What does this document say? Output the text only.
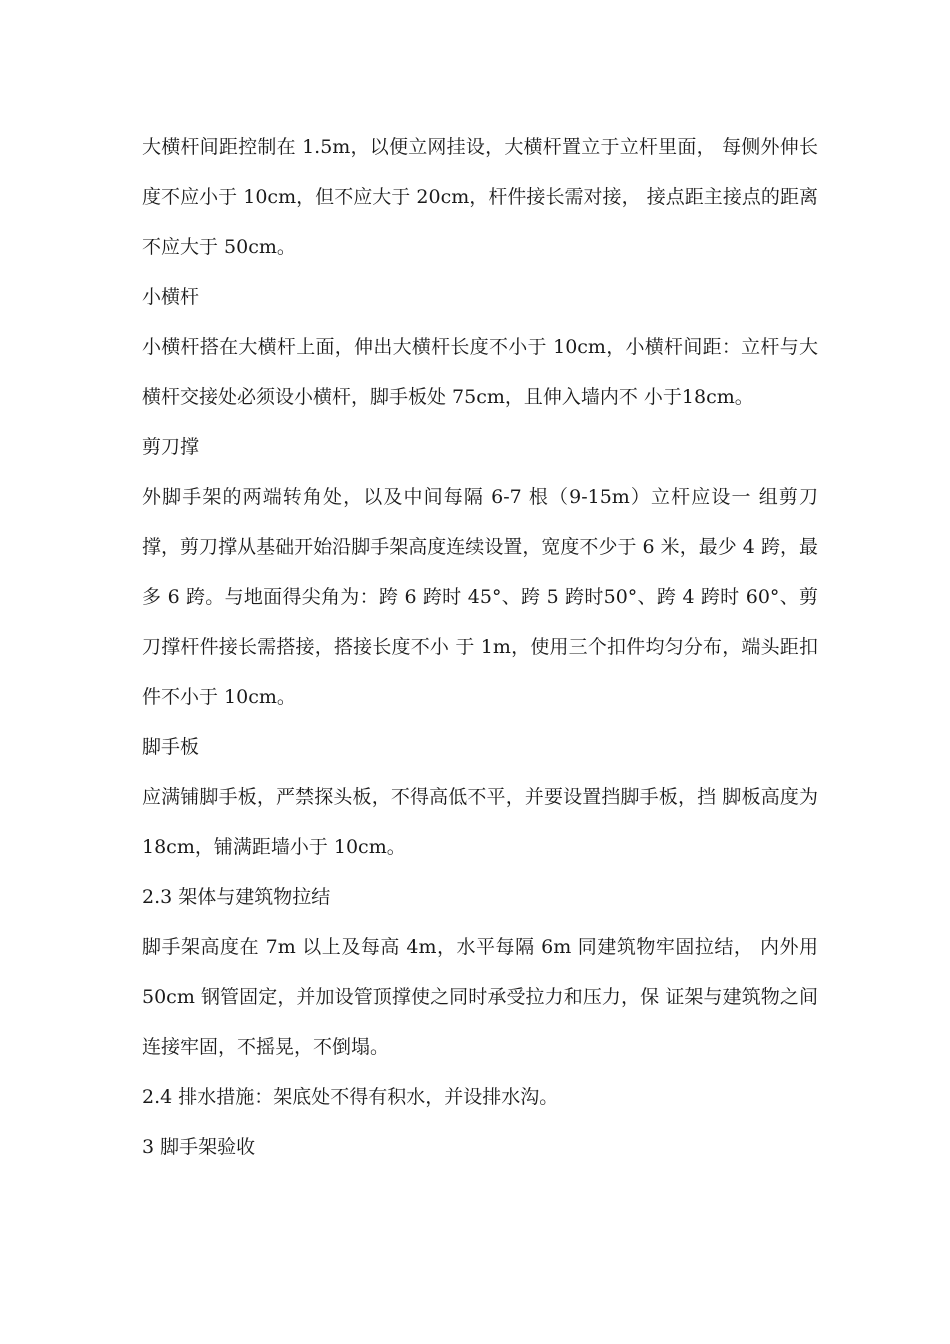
大横杆间距控制在 1.5m，以便立网挂设，大横杆置立于立杆里面， 每侧外伸长度不应小于 10cm，但不应大于 20cm，杆件接长需对接， 接点距主接点的距离不应大于 50cm。

小横杆

小横杆搭在大横杆上面，伸出大横杆长度不小于 10cm，小横杆间距：立杆与大横杆交接处必须设小横杆，脚手板处 75cm，且伸入墙内不 小于18cm。

剪刀撑

外脚手架的两端转角处，以及中间每隔 6-7 根（9-15m）立杆应设一 组剪刀撑，剪刀撑从基础开始沿脚手架高度连续设置，宽度不少于 6 米，最少 4 跨，最多 6 跨。与地面得尖角为：跨 6 跨时 45°、跨 5 跨时50°、跨 4 跨时 60°、剪刀撑杆件接长需搭接，搭接长度不小 于 1m，使用三个扣件均匀分布，端头距扣件不小于 10cm。

脚手板

应满铺脚手板，严禁探头板，不得高低不平，并要设置挡脚手板，挡 脚板高度为 18cm，铺满距墙小于 10cm。

2.3 架体与建筑物拉结

脚手架高度在 7m 以上及每高 4m，水平每隔 6m 同建筑物牢固拉结， 内外用 50cm 钢管固定，并加设管顶撑使之同时承受拉力和压力，保 证架与建筑物之间连接牢固，不摇晃，不倒塌。

2.4 排水措施：架底处不得有积水，并设排水沟。

3 脚手架验收
